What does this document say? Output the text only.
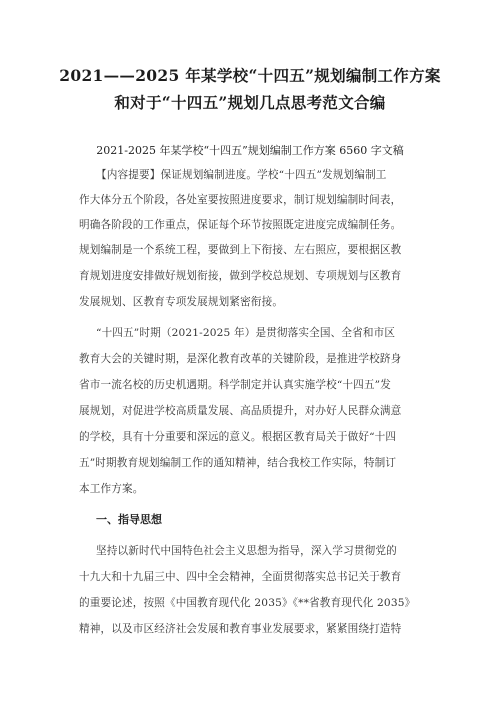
2021——2025 年某学校“十四五”规划编制工作方案
和对于“十四五”规划几点思考范文合编
2021-2025 年某学校“十四五”规划编制工作方案 6560 字文稿
【内容提要】保证规划编制进度。学校“十四五”发规划编制工
作大体分五个阶段，各处室要按照进度要求，制订规划编制时间表，
明确各阶段的工作重点，保证每个环节按照既定进度完成编制任务。
规划编制是一个系统工程，要做到上下衔接、左右照应，要根据区教
育规划进度安排做好规划衔接，做到学校总规划、专项规划与区教育
发展规划、区教育专项发展规划紧密衔接。
“十四五”时期（2021-2025 年）是贯彻落实全国、全省和市区
教育大会的关键时期，是深化教育改革的关键阶段，是推进学校跻身
省市一流名校的历史机遇期。科学制定并认真实施学校“十四五”发
展规划，对促进学校高质量发展、高品质提升，对办好人民群众满意
的学校，具有十分重要和深远的意义。根据区教育局关于做好“十四
五”时期教育规划编制工作的通知精神，结合我校工作实际，特制订
本工作方案。
一、指导思想
坚持以新时代中国特色社会主义思想为指导，深入学习贯彻党的
十九大和十九届三中、四中全会精神，全面贯彻落实总书记关于教育
的重要论述，按照《中国教育现代化 2035》《**省教育现代化 2035》
精神，以及市区经济社会发展和教育事业发展要求，紧紧围绕打造特
